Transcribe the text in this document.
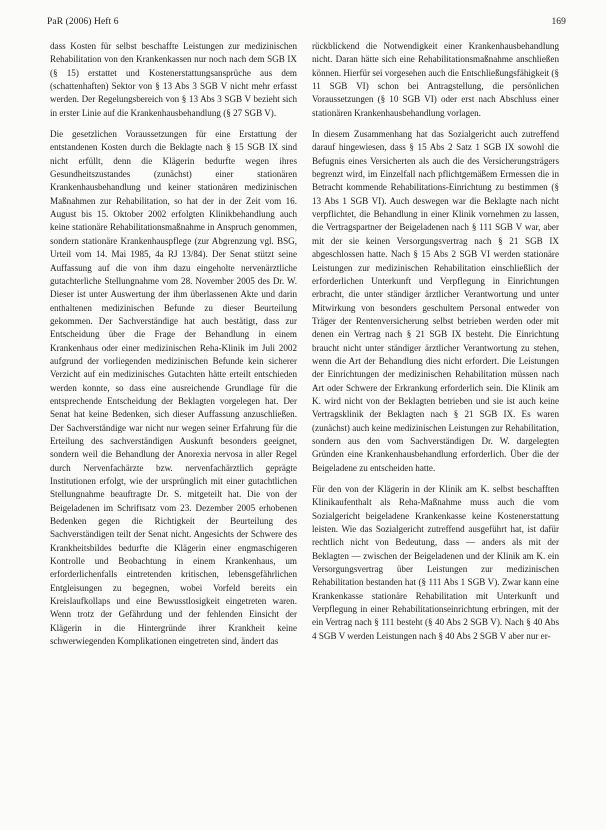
PaR (2006) Heft 6	169

dass Kosten für selbst beschaffte Leistungen zur medizinischen Rehabilitation von den Krankenkassen nur noch nach dem SGB IX (§ 15) erstattet und Kostenerstattungsansprüche aus dem (schattenhaften) Sektor von § 13 Abs 3 SGB V nicht mehr erfasst werden. Der Regelungsbereich von § 13 Abs 3 SGB V bezieht sich in erster Linie auf die Krankenhausbehandlung (§ 27 SGB V).

Die gesetzlichen Voraussetzungen für eine Erstattung der entstandenen Kosten durch die Beklagte nach § 15 SGB IX sind nicht erfüllt, denn die Klägerin bedurfte wegen ihres Gesundheitszustandes (zunächst) einer stationären Krankenhausbehandlung und keiner stationären medizinischen Maßnahmen zur Rehabilitation, so hat der in der Zeit vom 16. August bis 15. Oktober 2002 erfolgten Klinikbehandlung auch keine stationäre Rehabilitationsmaßnahme in Anspruch genommen, sondern stationäre Krankenhauspflege (zur Abgrenzung vgl. BSG, Urteil vom 14. Mai 1985, 4a RJ 13/84). Der Senat stützt seine Auffassung auf die von ihm dazu eingeholte nervenärztliche gutachterliche Stellungnahme vom 28. November 2005 des Dr. W. Dieser ist unter Auswertung der ihm überlassenen Akte und darin enthaltenen medizinischen Befunde zu dieser Beurteilung gekommen. Der Sachverständige hat auch bestätigt, dass zur Entscheidung über die Frage der Behandlung in einem Krankenhaus oder einer medizinischen Reha-Klinik im Juli 2002 aufgrund der vorliegenden medizinischen Befunde kein sicherer Verzicht auf ein medizinisches Gutachten hätte erteilt entschieden werden konnte, so dass eine ausreichende Grundlage für die entsprechende Entscheidung der Beklagten vorgelegen hat. Der Senat hat keine Bedenken, sich dieser Auffassung anzuschließen. Der Sachverständige war nicht nur wegen seiner Erfahrung für die Erteilung des sachverständigen Auskunft besonders geeignet, sondern weil die Behandlung der Anorexia nervosa in aller Regel durch Nervenfachärzte bzw. nervenfachärztlich geprägte Institutionen erfolgt, wie der ursprünglich mit einer gutachtlichen Stellungnahme beauftragte Dr. S. mitgeteilt hat. Die von der Beigeladenen im Schriftsatz vom 23. Dezember 2005 erhobenen Bedenken gegen die Richtigkeit der Beurteilung des Sachverständigen teilt der Senat nicht. Angesichts der Schwere des Krankheitsbildes bedurfte die Klägerin einer engmaschigeren Kontrolle und Beobachtung in einem Krankenhaus, um erforderlichenfalls eintretenden kritischen, lebensgefährlichen Entgleisungen zu begegnen, wobei Vorfeld bereits ein Kreislaufkollaps und eine Bewusstlosigkeit eingetreten waren. Wenn trotz der Gefährdung und der fehlenden Einsicht der Klägerin in die Hintergründe ihrer Krankheit keine schwerwiegenden Komplikationen eingetreten sind, ändert das

rückblickend die Notwendigkeit einer Krankenhausbehandlung nicht. Daran hätte sich eine Rehabilitationsmaßnahme anschließen können. Hierfür sei vorgesehen auch die Entschließungsfähigkeit (§ 11 SGB VI) schon bei Antragstellung, die persönlichen Voraussetzungen (§ 10 SGB VI) oder erst nach Abschluss einer stationären Krankenhausbehandlung vorlagen.

In diesem Zusammenhang hat das Sozialgericht auch zutreffend darauf hingewiesen, dass § 15 Abs 2 Satz 1 SGB IX sowohl die Befugnis eines Versicherten als auch die des Versicherungsträgers begrenzt wird, im Einzelfall nach pflichtgemäßem Ermessen die in Betracht kommende Rehabilitations-Einrichtung zu bestimmen (§ 13 Abs 1 SGB VI). Auch deswegen war die Beklagte nach nicht verpflichtet, die Behandlung in einer Klinik vornehmen zu lassen, die Vertragspartner der Beigeladenen nach § 111 SGB V war, aber mit der sie keinen Versorgungsvertrag nach § 21 SGB IX abgeschlossen hatte. Nach § 15 Abs 2 SGB VI werden stationäre Leistungen zur medizinischen Rehabilitation einschließlich der erforderlichen Unterkunft und Verpflegung in Einrichtungen erbracht, die unter ständiger ärztlicher Verantwortung und unter Mitwirkung von besonders geschultem Personal entweder von Träger der Rentenversicherung selbst betrieben werden oder mit denen ein Vertrag nach § 21 SGB IX besteht. Die Einrichtung braucht nicht unter ständiger ärztlicher Verantwortung zu stehen, wenn die Art der Behandlung dies nicht erfordert. Die Leistungen der Einrichtungen der medizinischen Rehabilitation müssen nach Art oder Schwere der Erkrankung erforderlich sein. Die Klinik am K. wird nicht von der Beklagten betrieben und sie ist auch keine Vertragsklinik der Beklagten nach § 21 SGB IX. Es waren (zunächst) auch keine medizinischen Leistungen zur Rehabilitation, sondern aus den vom Sachverständigen Dr. W. dargelegten Gründen eine Krankenhausbehandlung erforderlich. Über die der Beigeladene zu entscheiden hatte.

Für den von der Klägerin in der Klinik am K. selbst beschafften Klinikaufenthalt als Reha-Maßnahme muss auch die vom Sozialgericht beigeladene Krankenkasse keine Kostenerstattung leisten. Wie das Sozialgericht zutreffend ausgeführt hat, ist dafür rechtlich nicht von Bedeutung, dass — anders als mit der Beklagten — zwischen der Beigeladenen und der Klinik am K. ein Versorgungsvertrag über Leistungen zur medizinischen Rehabilitation bestanden hat (§ 111 Abs 1 SGB V). Zwar kann eine Krankenkasse stationäre Rehabilitation mit Unterkunft und Verpflegung in einer Rehabilitationseinrichtung erbringen, mit der ein Vertrag nach § 111 besteht (§ 40 Abs 2 SGB V). Nach § 40 Abs 4 SGB V werden Leistungen nach § 40 Abs 2 SGB V aber nur er-
